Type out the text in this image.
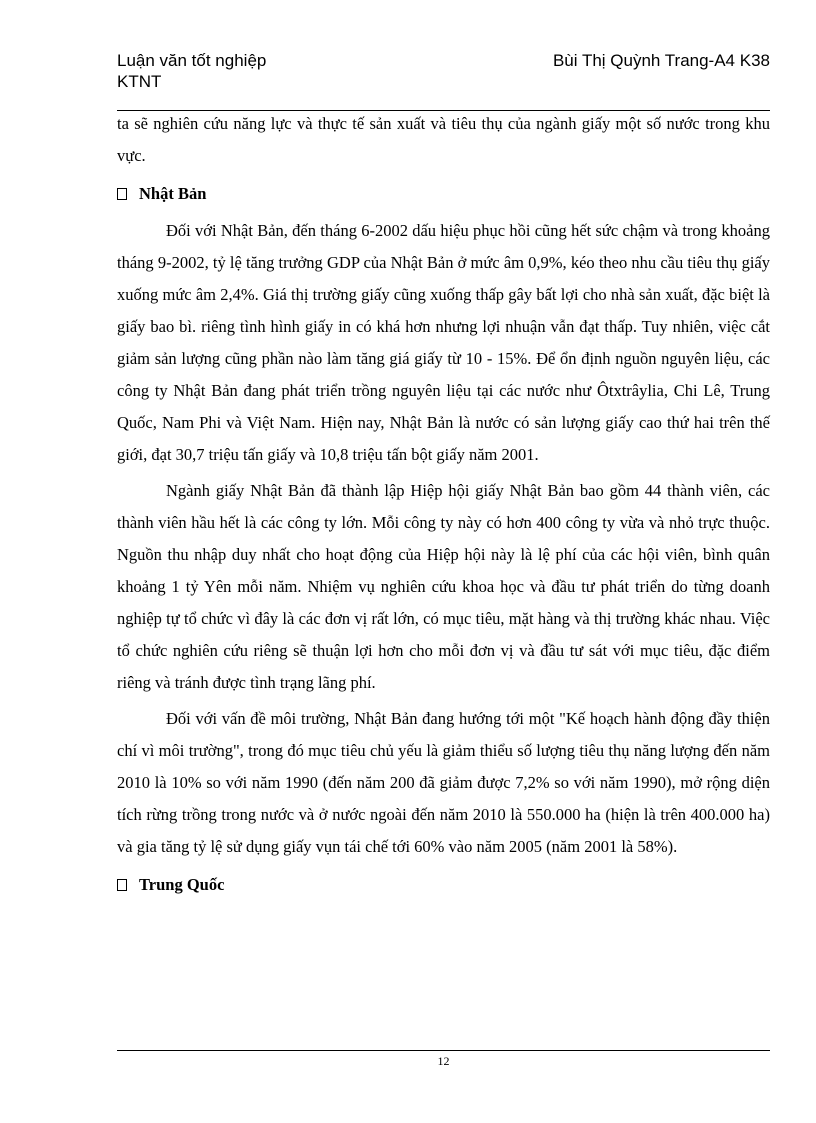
Luận văn tốt nghiệp
KTNT
Bùi Thị Quỳnh Trang-A4 K38

ta sẽ nghiên cứu năng lực và thực tế sản xuất và tiêu thụ của ngành giấy một số nước trong khu vực.

Nhật Bản

Đối với Nhật Bản, đến tháng 6-2002 dấu hiệu phục hồi cũng hết sức chậm và trong khoảng tháng 9-2002, tỷ lệ tăng trưởng GDP của Nhật Bản ở mức âm 0,9%, kéo theo nhu cầu tiêu thụ giấy xuống mức âm 2,4%. Giá thị trường giấy cũng xuống thấp gây bất lợi cho nhà sản xuất, đặc biệt là giấy bao bì. riêng tình hình giấy in có khá hơn nhưng lợi nhuận vẫn đạt thấp. Tuy nhiên, việc cắt giảm sản lượng cũng phần nào làm tăng giá giấy từ 10 - 15%. Để ổn định nguồn nguyên liệu, các công ty Nhật Bản đang phát triển trồng nguyên liệu tại các nước như Ôtxtrâylia, Chi Lê, Trung Quốc, Nam Phi và Việt Nam. Hiện nay, Nhật Bản là nước có sản lượng giấy cao thứ hai trên thế giới, đạt 30,7 triệu tấn giấy và 10,8 triệu tấn bột giấy năm 2001.

Ngành giấy Nhật Bản đã thành lập Hiệp hội giấy Nhật Bản bao gồm 44 thành viên, các thành viên hầu hết là các công ty lớn. Mỗi công ty này có hơn 400 công ty vừa và nhỏ trực thuộc. Nguồn thu nhập duy nhất cho hoạt động của Hiệp hội này là lệ phí của các hội viên, bình quân khoảng 1 tỷ Yên mỗi năm. Nhiệm vụ nghiên cứu khoa học và đầu tư phát triển do từng doanh nghiệp tự tổ chức vì đây là các đơn vị rất lớn, có mục tiêu, mặt hàng và thị trường khác nhau. Việc tổ chức nghiên cứu riêng sẽ thuận lợi hơn cho mỗi đơn vị và đầu tư sát với mục tiêu, đặc điểm riêng và tránh được tình trạng lãng phí.

Đối với vấn đề môi trường, Nhật Bản đang hướng tới một "Kế hoạch hành động đầy thiện chí vì môi trường", trong đó mục tiêu chủ yếu là giảm thiểu số lượng tiêu thụ năng lượng đến năm 2010 là 10% so với năm 1990 (đến năm 200 đã giảm được 7,2% so với năm 1990), mở rộng diện tích rừng trồng trong nước và ở nước ngoài đến năm 2010 là 550.000 ha (hiện là trên 400.000 ha) và gia tăng tỷ lệ sử dụng giấy vụn tái chế tới 60% vào năm 2005 (năm 2001 là 58%).

Trung Quốc

12
